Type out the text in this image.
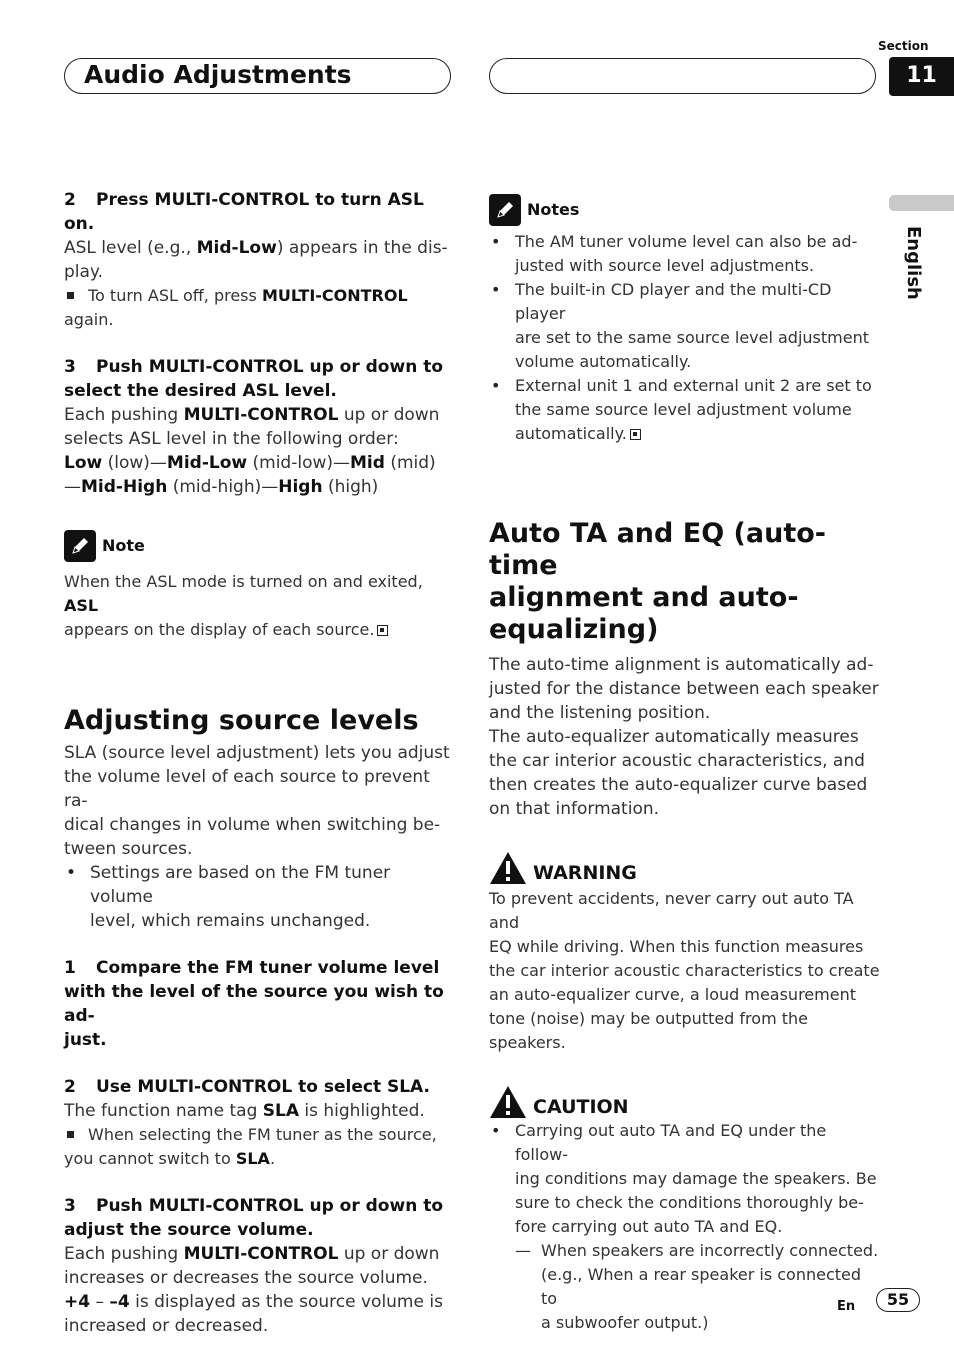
Audio Adjustments
Section
11
English

2 Press MULTI-CONTROL to turn ASL on.

ASL level (e.g., Mid-Low) appears in the dis-

play.

To turn ASL off, press MULTI-CONTROL

again.

3 Push MULTI-CONTROL up or down to

select the desired ASL level.

Each pushing MULTI-CONTROL up or down

selects ASL level in the following order:

Low (low)—Mid-Low (mid-low)—Mid (mid)

—Mid-High (mid-high)—High (high)

Note

When the ASL mode is turned on and exited, ASL

appears on the display of each source.

Adjusting source levels

SLA (source level adjustment) lets you adjust

the volume level of each source to prevent ra-

dical changes in volume when switching be-

tween sources.

• Settings are based on the FM tuner volume

level, which remains unchanged.

1 Compare the FM tuner volume level

with the level of the source you wish to ad-

just.

2 Use MULTI-CONTROL to select SLA.

The function name tag SLA is highlighted.

When selecting the FM tuner as the source,

you cannot switch to SLA.

3 Push MULTI-CONTROL up or down to

adjust the source volume.

Each pushing MULTI-CONTROL up or down

increases or decreases the source volume.

+4 – –4 is displayed as the source volume is

increased or decreased.

Notes

• The AM tuner volume level can also be ad-

justed with source level adjustments.

• The built-in CD player and the multi-CD player

are set to the same source level adjustment

volume automatically.

• External unit 1 and external unit 2 are set to

the same source level adjustment volume

automatically.

Auto TA and EQ (auto-time

alignment and auto-

equalizing)

The auto-time alignment is automatically ad-

justed for the distance between each speaker

and the listening position.

The auto-equalizer automatically measures

the car interior acoustic characteristics, and

then creates the auto-equalizer curve based

on that information.

WARNING

To prevent accidents, never carry out auto TA and

EQ while driving. When this function measures

the car interior acoustic characteristics to create

an auto-equalizer curve, a loud measurement

tone (noise) may be outputted from the speakers.

CAUTION

• Carrying out auto TA and EQ under the follow-

ing conditions may damage the speakers. Be

sure to check the conditions thoroughly be-

fore carrying out auto TA and EQ.

— When speakers are incorrectly connected.

(e.g., When a rear speaker is connected to

a subwoofer output.)

En	55
